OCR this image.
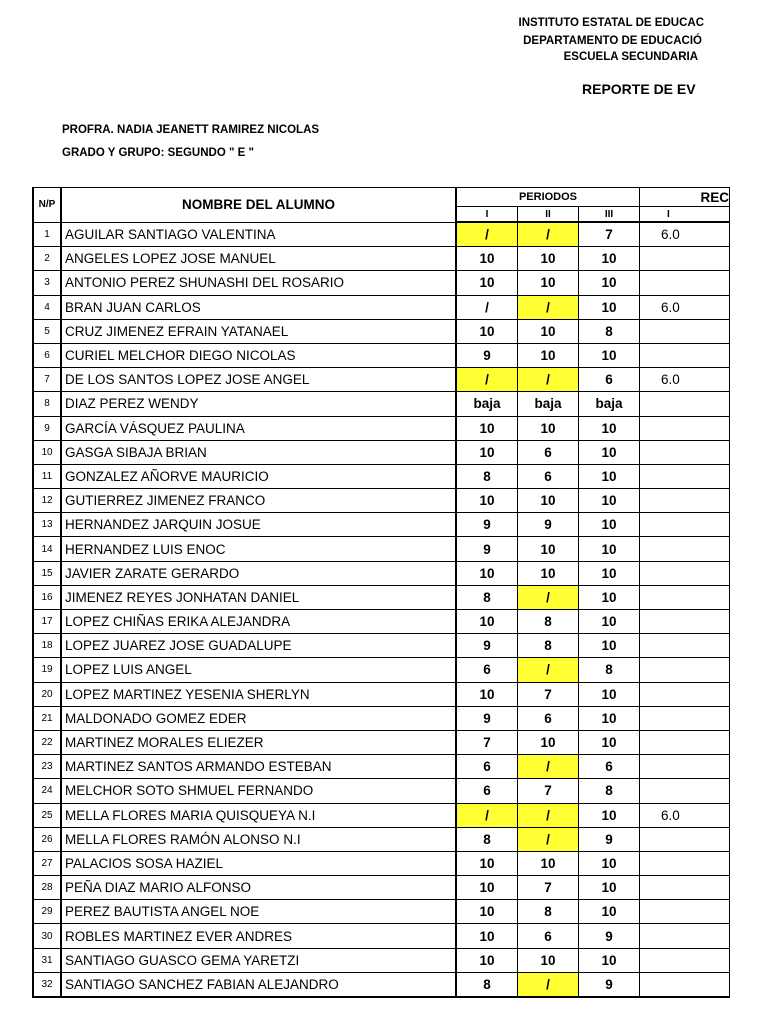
INSTITUTO ESTATAL DE EDUCAC
DEPARTAMENTO DE EDUCACIÓ
ESCUELA SECUNDARIA
REPORTE DE EV
PROFRA. NADIA JEANETT RAMIREZ NICOLAS
GRADO Y GRUPO: SEGUNDO " E "
N/P	NOMBRE DEL ALUMNO	PERIODOS			REC
		I	II	III	I
1	AGUILAR SANTIAGO VALENTINA	/	/	7	6.0
2	ANGELES LOPEZ JOSE MANUEL	10	10	10	
3	ANTONIO PEREZ SHUNASHI DEL ROSARIO	10	10	10	
4	BRAN JUAN CARLOS	/	/	10	6.0
5	CRUZ JIMENEZ EFRAIN YATANAEL	10	10	8	
6	CURIEL MELCHOR DIEGO NICOLAS	9	10	10	
7	DE LOS SANTOS LOPEZ JOSE ANGEL	/	/	6	6.0
8	DIAZ PEREZ WENDY	baja	baja	baja	
9	GARCÍA VÁSQUEZ PAULINA	10	10	10	
10	GASGA SIBAJA BRIAN	10	6	10	
11	GONZALEZ AÑORVE MAURICIO	8	6	10	
12	GUTIERREZ JIMENEZ FRANCO	10	10	10	
13	HERNANDEZ JARQUIN JOSUE	9	9	10	
14	HERNANDEZ LUIS ENOC	9	10	10	
15	JAVIER ZARATE GERARDO	10	10	10	
16	JIMENEZ REYES JONHATAN DANIEL	8	/	10	
17	LOPEZ CHIÑAS ERIKA ALEJANDRA	10	8	10	
18	LOPEZ JUAREZ JOSE GUADALUPE	9	8	10	
19	LOPEZ LUIS ANGEL	6	/	8	
20	LOPEZ MARTINEZ YESENIA SHERLYN	10	7	10	
21	MALDONADO GOMEZ EDER	9	6	10	
22	MARTINEZ MORALES ELIEZER	7	10	10	
23	MARTINEZ SANTOS ARMANDO ESTEBAN	6	/	6	
24	MELCHOR SOTO SHMUEL FERNANDO	6	7	8	
25	MELLA FLORES MARIA QUISQUEYA N.I	/	/	10	6.0
26	MELLA FLORES RAMÓN ALONSO N.I	8	/	9	
27	PALACIOS SOSA HAZIEL	10	10	10	
28	PEÑA DIAZ MARIO ALFONSO	10	7	10	
29	PEREZ BAUTISTA ANGEL NOE	10	8	10	
30	ROBLES MARTINEZ EVER ANDRES	10	6	9	
31	SANTIAGO GUASCO GEMA YARETZI	10	10	10	
32	SANTIAGO SANCHEZ FABIAN ALEJANDRO	8	/	9	
